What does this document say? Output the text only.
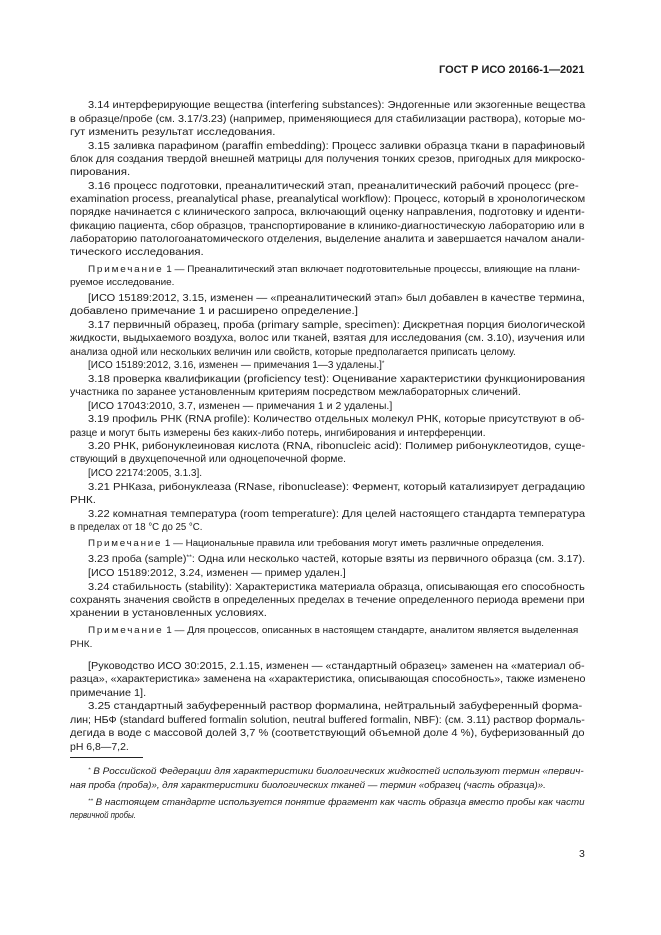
ГОСТ Р ИСО 20166-1—2021
3.14 интерферирующие вещества (interfering substances): Эндогенные или экзогенные вещества
в образце/пробе (см. 3.17/3.23) (например, применяющиеся для стабилизации раствора), которые мо-
гут изменить результат исследования.
3.15 заливка парафином (paraffin embedding): Процесс заливки образца ткани в парафиновый
блок для создания твердой внешней матрицы для получения тонких срезов, пригодных для микроско-
пирования.
3.16 процесс подготовки, преаналитический этап, преаналитический рабочий процесс (pre-
examination process, preanalytical phase, preanalytical workflow): Процесс, который в хронологическом
порядке начинается с клинического запроса, включающий оценку направления, подготовку и иденти-
фикацию пациента, сбор образцов, транспортирование в клинико-диагностическую лабораторию или в
лабораторию патологоанатомического отделения, выделение аналита и завершается началом анали-
тического исследования.
Примечание 1 — Преаналитический этап включает подготовительные процессы, влияющие на плани-
руемое исследование.
[ИСО 15189:2012, 3.15, изменен — «преаналитический этап» был добавлен в качестве термина,
добавлено примечание 1 и расширено определение.]
3.17 первичный образец, проба (primary sample, specimen): Дискретная порция биологической
жидкости, выдыхаемого воздуха, волос или тканей, взятая для исследования (см. 3.10), изучения или
анализа одной или нескольких величин или свойств, которые предполагается приписать целому.
[ИСО 15189:2012, 3.16, изменен — примечания 1—3 удалены.]*
3.18 проверка квалификации (proficiency test): Оценивание характеристики функционирования
участника по заранее установленным критериям посредством межлабораторных сличений.
[ИСО 17043:2010, 3.7, изменен — примечания 1 и 2 удалены.]
3.19 профиль РНК (RNA profile): Количество отдельных молекул РНК, которые присутствуют в об-
разце и могут быть измерены без каких-либо потерь, ингибирования и интерференции.
3.20 РНК, рибонуклеиновая кислота (RNA, ribonucleic acid): Полимер рибонуклеотидов, суще-
ствующий в двухцепочечной или одноцепочечной форме.
[ИСО 22174:2005, 3.1.3].
3.21 РНКаза, рибонуклеаза (RNase, ribonuclease): Фермент, который катализирует деградацию
РНК.
3.22 комнатная температура (room temperature): Для целей настоящего стандарта температура
в пределах от 18 °С до 25 °С.
Примечание 1 — Национальные правила или требования могут иметь различные определения.
3.23 проба (sample)**: Одна или несколько частей, которые взяты из первичного образца (см. 3.17).
[ИСО 15189:2012, 3.24, изменен — пример удален.]
3.24 стабильность (stability): Характеристика материала образца, описывающая его способность
сохранять значения свойств в определенных пределах в течение определенного периода времени при
хранении в установленных условиях.
Примечание 1 — Для процессов, описанных в настоящем стандарте, аналитом является выделенная
РНК.
[Руководство ИСО 30:2015, 2.1.15, изменен — «стандартный образец» заменен на «материал об-
разца», «характеристика» заменена на «характеристика, описывающая способность», также изменено
примечание 1].
3.25 стандартный забуференный раствор формалина, нейтральный забуференный форма-
лин; НБФ (standard buffered formalin solution, neutral buffered formalin, NBF): (см. 3.11) раствор формаль-
дегида в воде с массовой долей 3,7 % (соответствующий объемной доле 4 %), буферизованный до
рН 6,8—7,2.
* В Российской Федерации для характеристики биологических жидкостей используют термин «первич-
ная проба (проба)», для характеристики биологических тканей — термин «образец (часть образца)».
** В настоящем стандарте используется понятие фрагмент как часть образца вместо пробы как части
первичной пробы.
3
